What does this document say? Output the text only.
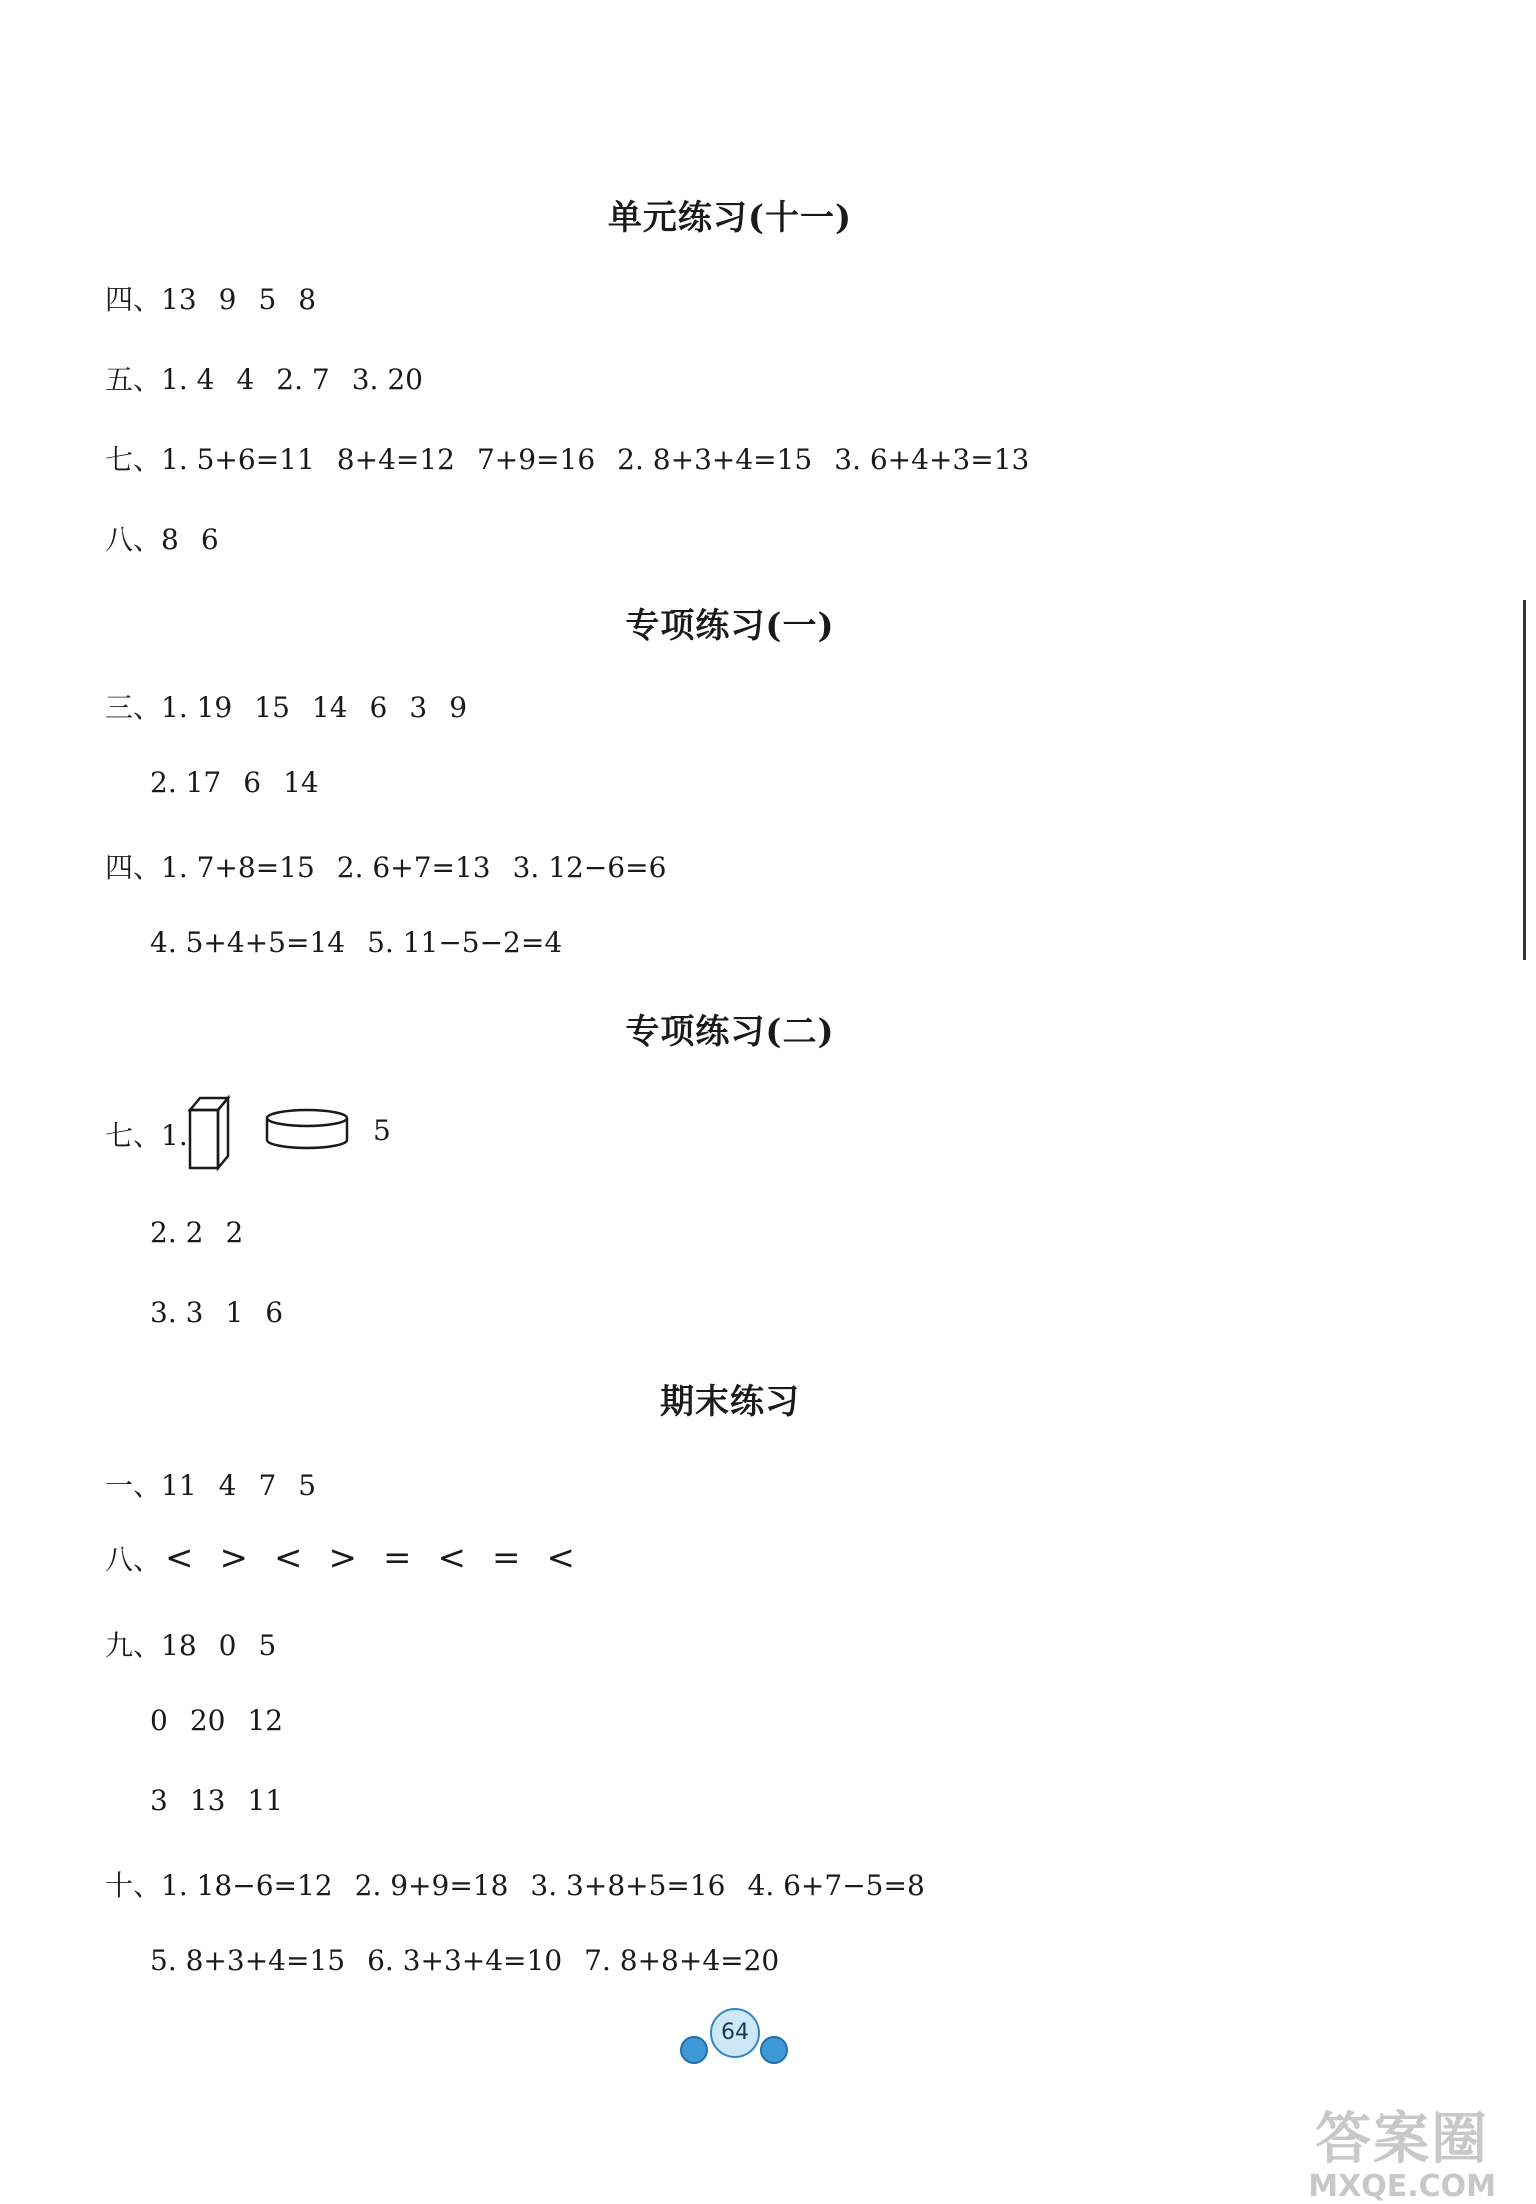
单元练习(十一)
四、13 9 5 8
五、1. 4 4 2. 7 3. 20
七、1. 5+6=11 8+4=12 7+9=16 2. 8+3+4=15 3. 6+4+3=13
八、8 6
专项练习(一)
三、1. 19 15 14 6 3 9
2. 17 6 14
四、1. 7+8=15 2. 6+7=13 3. 12−6=6
4. 5+4+5=14 5. 11−5−2=4
专项练习(二)
七、1.	5
2. 2 2
3. 3 1 6
期末练习
一、11 4 7 5
八、 < > < > = < = <
九、18 0 5
0 20 12
3 13 11
十、1. 18−6=12 2. 9+9=18 3. 3+8+5=16 4. 6+7−5=8
5. 8+3+4=15 6. 3+3+4=10 7. 8+8+4=20
64
答案圈
MXQE.COM
